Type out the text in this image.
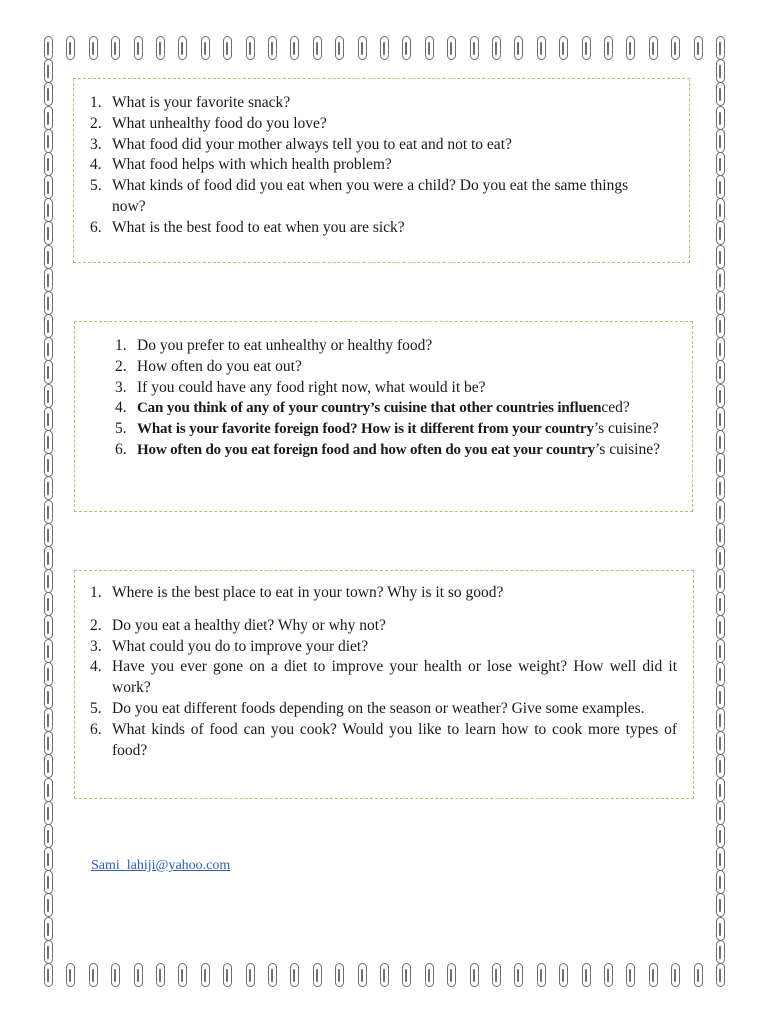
1. What is your favorite snack?
2. What unhealthy food do you love?
3. What food did your mother always tell you to eat and not to eat?
4. What food helps with which health problem?
5. What kinds of food did you eat when you were a child? Do you eat the same things now?
6. What is the best food to eat when you are sick?
1. Do you prefer to eat unhealthy or healthy food?
2. How often do you eat out?
3. If you could have any food right now, what would it be?
4. Can you think of any of your country’s cuisine that other countries influenced?
5. What is your favorite foreign food? How is it different from your country’s cuisine?
6. How often do you eat foreign food and how often do you eat your country’s cuisine?
1. Where is the best place to eat in your town? Why is it so good?
2. Do you eat a healthy diet? Why or why not?
3. What could you do to improve your diet?
4. Have you ever gone on a diet to improve your health or lose weight? How well did it work?
5. Do you eat different foods depending on the season or weather? Give some examples.
6. What kinds of food can you cook? Would you like to learn how to cook more types of food?
Sami_lahiji@yahoo.com
